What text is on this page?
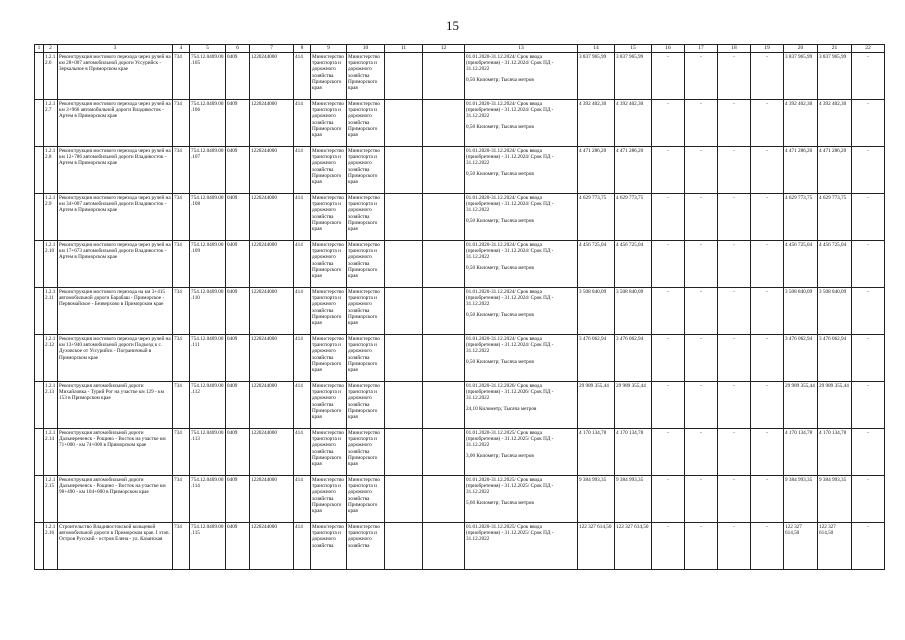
15
1	2	3	4	5	6	7	8	9	10	11	12	13	14	15	16	17	18	19	20	21	22
	1.2.12.6	Реконструкция мостового перехода через ручей на км 28+007 автомобильной дороги Уссурийск - Зеркальное в Приморском крае	734	754.12.0409.00.105	0409	1220244000	414	Министерство транспорта и дорожного хозяйства Приморского края	Министерство транспорта и дорожного хозяйства Приморского края			01.01.2020-31.12.2024/ Срок ввода (приобретения) - 31.12.2024/ Срок ПД - 31.12.2022
0,50 Километр; Тысяча метров	3 837 965,99	3 837 965,99	-	-	-	-	3 837 965,99	3 837 965,99	-
	1.2.12.7	Реконструкция мостового перехода через ручей на км 3+966 автомобильной дороги Владивосток - Артем в Приморском крае	734	754.12.0409.00.106	0409	1220244000	414	Министерство транспорта и дорожного хозяйства Приморского края	Министерство транспорта и дорожного хозяйства Приморского края			01.01.2020-31.12.2024/ Срок ввода (приобретения) - 31.12.2024/ Срок ПД - 31.12.2022
0,50 Километр; Тысяча метров	4 392 402,30	4 392 402,30	-	-	-	-	4 392 402,30	4 392 402,30	-
	1.2.12.8	Реконструкция мостового перехода через ручей на км 12+786 автомобильной дороги Владивосток - Артем в Приморском крае	734	754.12.0409.00.107	0409	1220244000	414	Министерство транспорта и дорожного хозяйства Приморского края	Министерство транспорта и дорожного хозяйства Приморского края			01.01.2020-31.12.2024/ Срок ввода (приобретения) - 31.12.2024/ Срок ПД - 31.12.2022
0,50 Километр; Тысяча метров	4 471 286,20	4 471 286,20	-	-	-	-	4 471 286,20	4 471 286,20	-
	1.2.12.9	Реконструкция мостового перехода через ручей на км 34+007 автомобильной дороги Владивосток - Артем в Приморском крае	734	754.12.0409.00.108	0409	1220244000	414	Министерство транспорта и дорожного хозяйства Приморского края	Министерство транспорта и дорожного хозяйства Приморского края			01.01.2020-31.12.2024/ Срок ввода (приобретения) - 31.12.2024/ Срок ПД - 31.12.2022
0,50 Километр; Тысяча метров	4 629 773,75	4 629 773,75	-	-	-	-	4 629 773,75	4 629 773,75	-
	1.2.12.10	Реконструкция мостового перехода через ручей на км 17+673 автомобильной дороги Владивосток - Артем в Приморском крае	734	754.12.0409.00.109	0409	1220244000	414	Министерство транспорта и дорожного хозяйства Приморского края	Министерство транспорта и дорожного хозяйства Приморского края			01.01.2020-31.12.2024/ Срок ввода (приобретения) - 31.12.2024/ Срок ПД - 31.12.2022
0,50 Километр; Тысяча метров	4 456 725,04	4 456 725,04	-	-	-	-	4 456 725,04	4 456 725,04	-
	1.2.12.11	Реконструкция мостового перехода на км 3+415 автомобильной дороги Барабаш - Приморское - Первомайское - Безверхово в Приморском крае	734	754.12.0409.00.110	0409	1220244000	414	Министерство транспорта и дорожного хозяйства Приморского края	Министерство транспорта и дорожного хозяйства Приморского края			01.01.2020-31.12.2024/ Срок ввода (приобретения) - 31.12.2024/ Срок ПД - 31.12.2022
0,50 Километр; Тысяча метров	3 508 840,09	3 508 840,09	-	-	-	-	3 508 840,09	3 508 840,09	-
	1.2.12.12	Реконструкция мостового перехода через ручей на км 13+940 автомобильной дороги Подъезд к с. Духовское от Уссурийск - Пограничный в Приморском крае	734	754.12.0409.00.111	0409	1220244000	414	Министерство транспорта и дорожного хозяйства Приморского края	Министерство транспорта и дорожного хозяйства Приморского края			01.01.2020-31.12.2024/ Срок ввода (приобретения) - 31.12.2024/ Срок ПД - 31.12.2022
0,50 Километр; Тысяча метров	3 476 062,94	3 476 062,94	-	-	-	-	3 476 062,94	3 476 062,94	-
	1.2.12.13	Реконструкция автомобильной дороги Михайловка - Турий Рог на участке км 129 - км 153 в Приморском крае	734	754.12.0409.00.112	0409	1220244000	414	Министерство транспорта и дорожного хозяйства Приморского края	Министерство транспорта и дорожного хозяйства Приморского края			01.01.2020-31.12.2026/ Срок ввода (приобретения) - 31.12.2026/ Срок ПД - 31.12.2022
24,10 Километр; Тысяча метров	29 989 355,44	29 989 355,44	-	-	-	-	29 989 355,44	29 989 355,44	-
	1.2.12.14	Реконструкция автомобильной дороги Дальнереченск - Рощино - Восток на участке км 71+000 - км 74+000 в Приморском крае	734	754.12.0409.00.113	0409	1220244000	414	Министерство транспорта и дорожного хозяйства Приморского края	Министерство транспорта и дорожного хозяйства Приморского края			01.01.2020-31.12.2025/ Срок ввода (приобретения) - 31.12.2025/ Срок ПД - 31.12.2022
3,00 Километр; Тысяча метров	4 170 134,78	4 170 134,78	-	-	-	-	4 170 134,78	4 170 134,78	-
	1.2.12.15	Реконструкция автомобильной дороги Дальнереченск - Рощино - Восток на участке км 98+490 - км 104+000 в Приморском крае	734	754.12.0409.00.114	0409	1220244000	414	Министерство транспорта и дорожного хозяйства Приморского края	Министерство транспорта и дорожного хозяйства Приморского края			01.01.2020-31.12.2025/ Срок ввода (приобретения) - 31.12.2025/ Срок ПД - 31.12.2022
5,60 Километр; Тысяча метров	9 384 993,35	9 384 993,35	-	-	-	-	9 384 993,35	9 384 993,35	-
	1.2.12.16	Строительство Владивостокской кольцевой автомобильной дороги в Приморском крае. I этап. Остров Русский - остров Елена - ул. Казанская	734	754.12.0409.00.115	0409	1220244000	414	Министерство транспорта и дорожного хозяйства	Министерство транспорта и дорожного хозяйства			01.01.2020-31.12.2025/ Срок ввода (приобретения) - 31.12.2025/ Срок ПД - 31.12.2022	122 327 614,50	122 327 614,50	-	-	-	-	122 327 614,50	122 327 614,50	-
